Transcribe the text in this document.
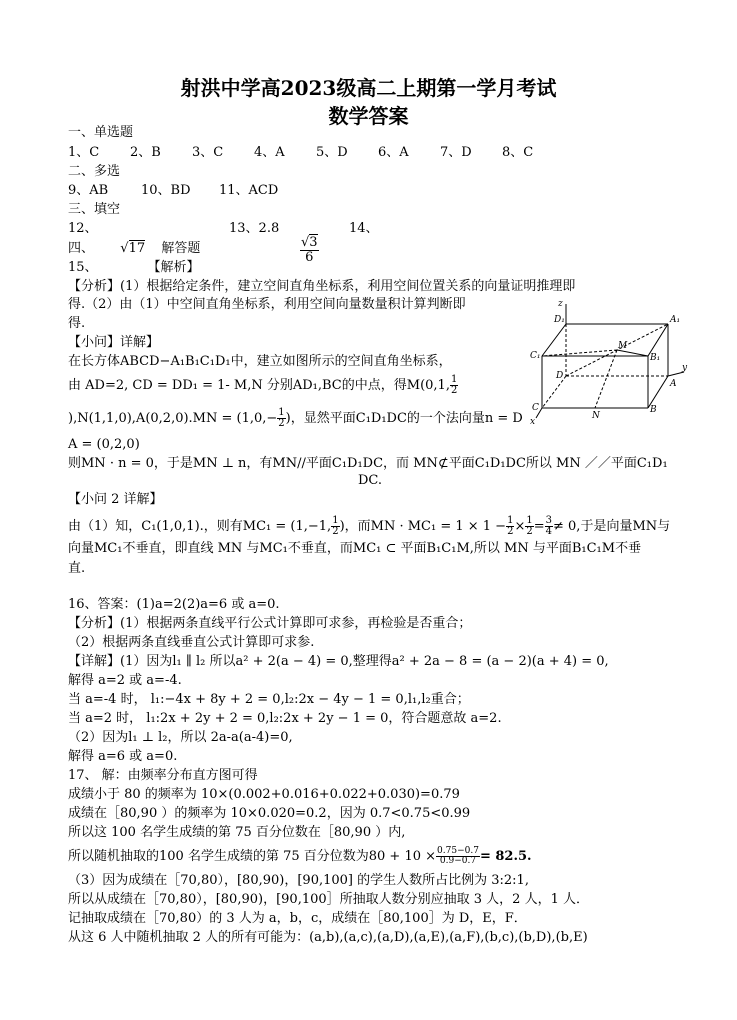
射洪中学高2023级高二上期第一学月考试
数学答案
一、单选题
1、C 2、B 3、C 4、A 5、D 6、A 7、D 8、C
二、多选
9、AB	10、BD 11、ACD
三、填空
12、	13、2.8	14、
四、 √17 解答题	$\frac{√3}{6}$
15、	【解析】
【分析】(1）根据给定条件，建立空间直角坐标系，利用空间位置关系的向量证明推理即
得.（2）由（1）中空间直角坐标系，利用空间向量数量积计算判断即
得.
【小问】详解】
在长方体ABCD−A₁B₁C₁D₁中，建立如图所示的空间直角坐标系，
由 AD=2, CD = DD₁ = 1- M,N 分别AD₁,BC的中点，得M(0,1, $\frac{1}{2}$
)$,N(1,1,0),A(0,2,0).MN = (1,0,- \frac{1}{2}$ )，显然平面C₁D₁DC的一个法向量n = D
A = (0,2,0)
则MN · n = 0，于是MN ⊥ n，有MN//平面C₁D₁DC，而 MN⊄平面C₁D₁DC所以 MN ／／平面C₁D₁
DC.
【小问 2 详解】
由（1）知，C₁(1,0,1).，则有MC₁ = (1,−1, $\frac{1}{2}$ )，而MN · $MC_1 = 1 \times 1 - \frac{1}{2} \times \frac{1}{2} = \frac{3}{4} \ne 0$,于是向量MN与
向量MC₁不垂直，即直线 MN 与MC₁不垂直，而MC₁ ⊂ 平面B₁C₁M,所以 MN 与平面B₁C₁M不垂
直.
16、答案：(1)a=2(2)a=6 或 a=0.
【分析】(1）根据两条直线平行公式计算即可求参，再检验是否重合；
（2）根据两条直线垂直公式计算即可求参.
【详解】(1）因为l₁ ∥ l₂ 所以a² + 2(a − 4) = 0,整理得a² + 2a − 8 = (a − 2)(a + 4) = 0,
解得 a=2 或 a=-4.
当 a=-4 时， l₁:−4x + 8y + 2 = 0,l₂:2x − 4y − 1 = 0,l₁,l₂重合；
当 a=2 时， l₁:2x + 2y + 2 = 0,l₂:2x + 2y − 1 = 0，符合题意故 a=2.
（2）因为l₁ ⊥ l₂，所以 2a-a(a-4)=0,
解得 a=6 或 a=0.
17、 解：由频率分布直方图可得
成绩小于 80 的频率为 10×(0.002+0.016+0.022+0.030)=0.79
成绩在［80,90 ）的频率为 10×0.020=0.2，因为 0.7<0.75<0.99
所以这 100 名学生成绩的第 75 百分位数在［80,90 ）内,
所以随机抽取的100 名学生成绩的第 75 百分位数为$80 + 10 \times \frac{0.75-0.7}{0.9-0.7} = 82.5$.
（3）因为成绩在［70,80），[80,90)，[90,100] 的学生人数所占比例为 3:2:1,
所以从成绩在［70,80），[80,90)，[90,100］所抽取人数分别应抽取 3 人，2 人，1 人．
记抽取成绩在［70,80）的 3 人为 a，b，c，成绩在［80,100］为 D，E，F．
从这 6 人中随机抽取 2 人的所有可能为：(a,b),(a,c),(a,D),(a,E),(a,F),(b,c),(b,D),(b,E)
z
D₁	A₁
C₁	B₁
M
D
A
y
C
N
B
x
